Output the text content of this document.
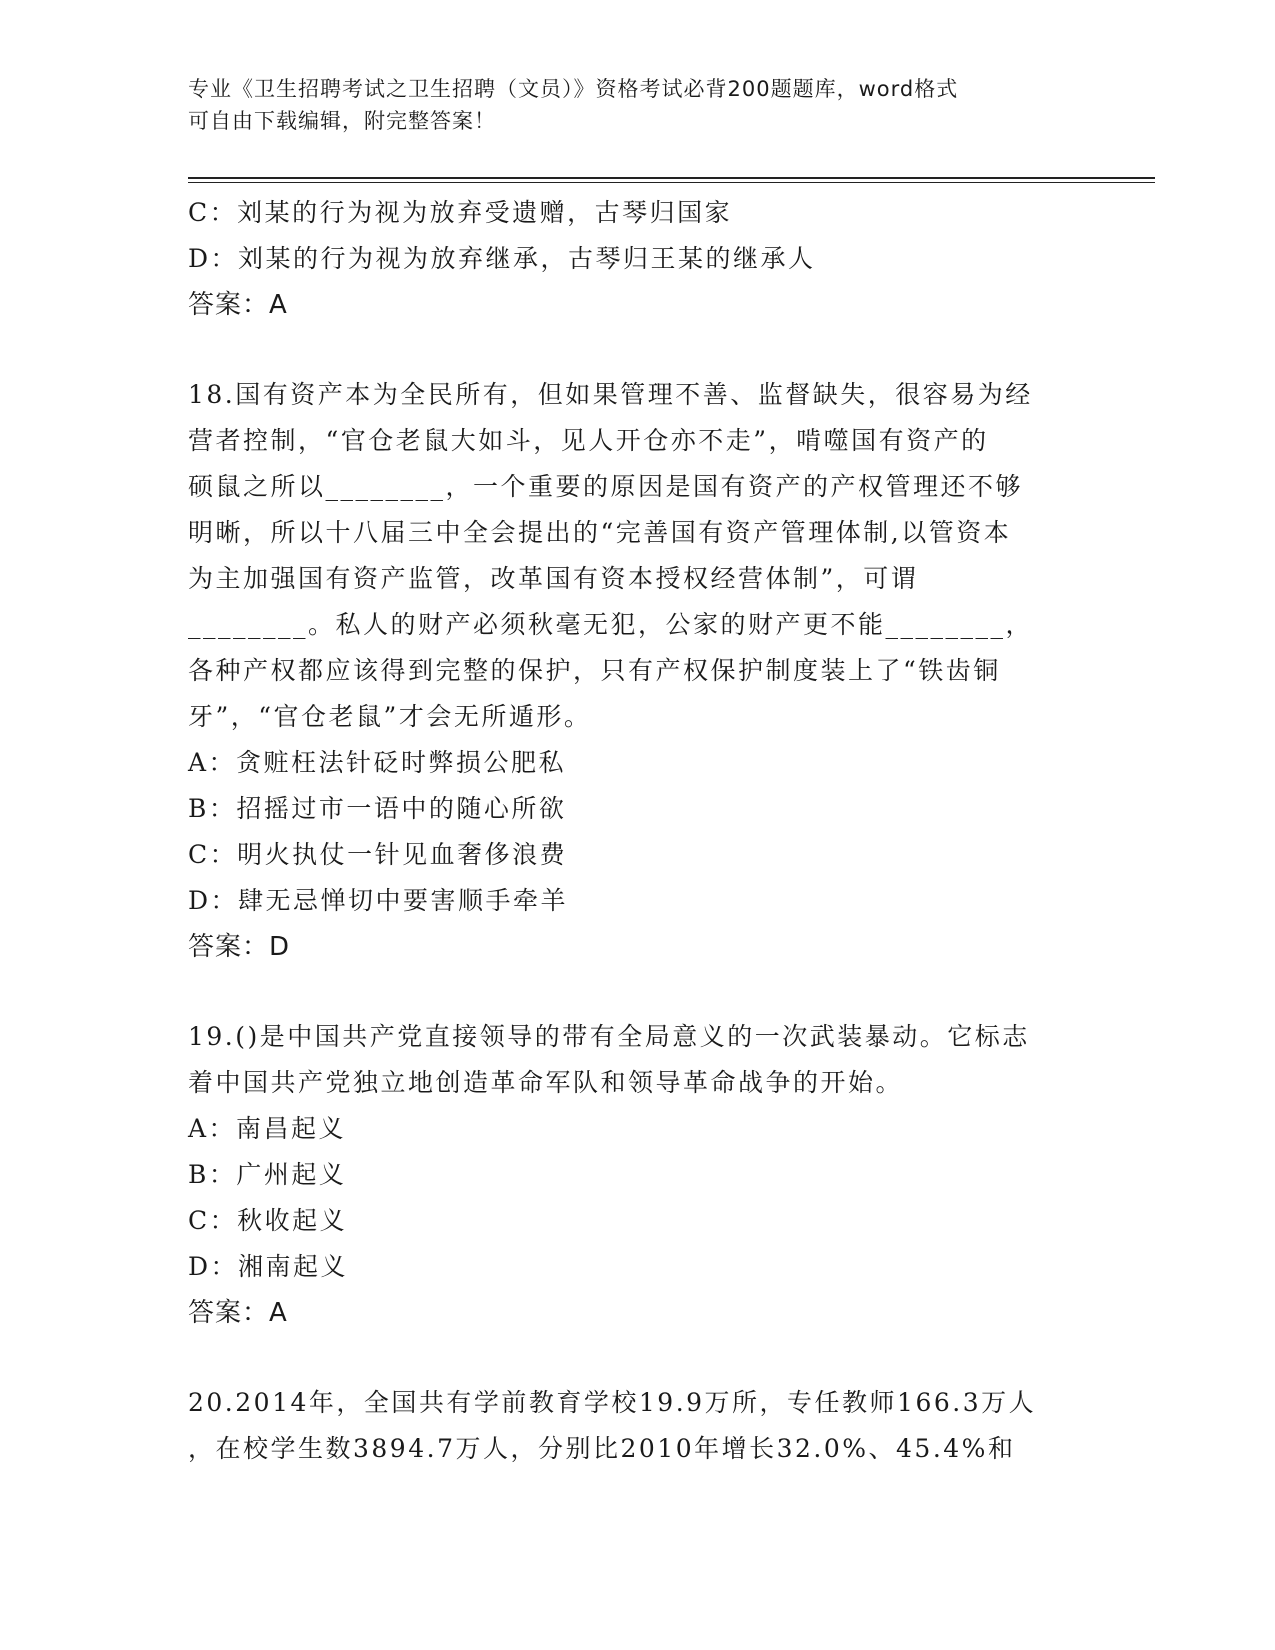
专业《卫生招聘考试之卫生招聘（文员）》资格考试必背200题题库，word格式
可自由下载编辑，附完整答案！

C：刘某的行为视为放弃受遗赠，古琴归国家

D：刘某的行为视为放弃继承，古琴归王某的继承人

答案：A

18.国有资产本为全民所有，但如果管理不善、监督缺失，很容易为经

营者控制，“官仓老鼠大如斗，见人开仓亦不走”，啃噬国有资产的

硕鼠之所以________，一个重要的原因是国有资产的产权管理还不够

明晰，所以十八届三中全会提出的“完善国有资产管理体制,以管资本

为主加强国有资产监管，改革国有资本授权经营体制”，可谓

________。私人的财产必须秋毫无犯，公家的财产更不能________，

各种产权都应该得到完整的保护，只有产权保护制度装上了“铁齿铜

牙”，“官仓老鼠”才会无所遁形。

A：贪赃枉法针砭时弊损公肥私

B：招摇过市一语中的随心所欲

C：明火执仗一针见血奢侈浪费

D：肆无忌惮切中要害顺手牵羊

答案：D

19.()是中国共产党直接领导的带有全局意义的一次武装暴动。它标志

着中国共产党独立地创造革命军队和领导革命战争的开始。

A：南昌起义

B：广州起义

C：秋收起义

D：湘南起义

答案：A

20.2014年，全国共有学前教育学校19.9万所，专任教师166.3万人

，在校学生数3894.7万人，分别比2010年增长32.0%、45.4%和
